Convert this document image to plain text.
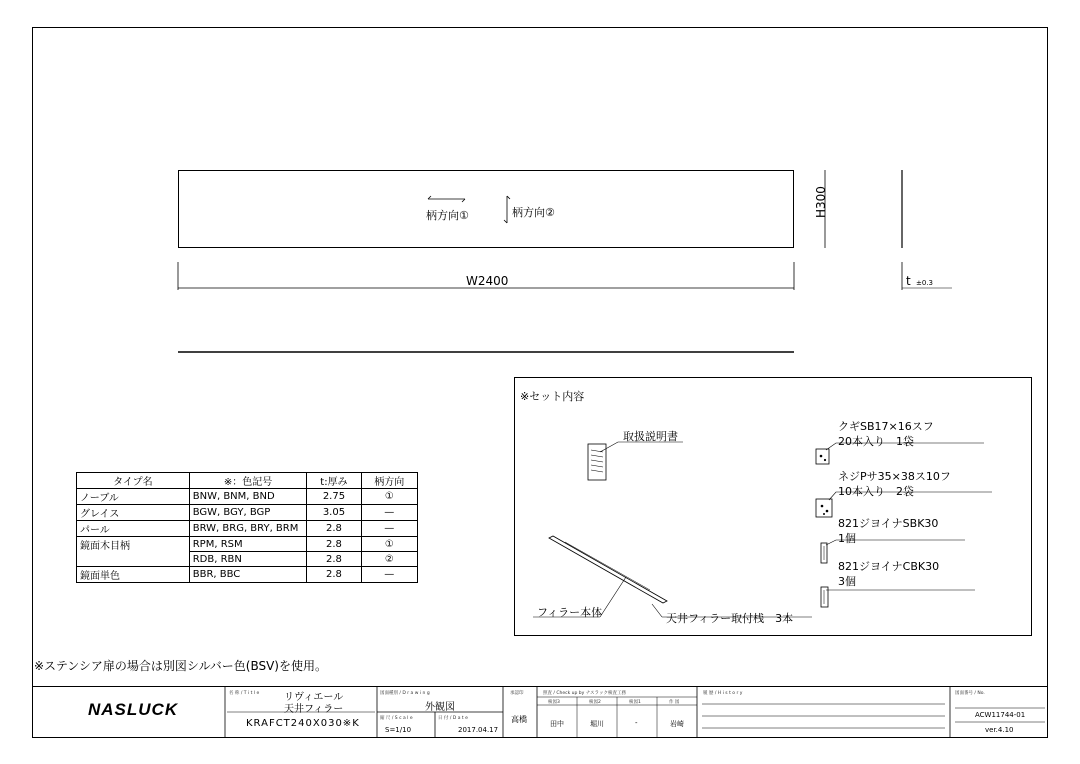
柄方向①	柄方向②	H300
W2400	t ±0.3
タイプ名	※：色記号	t:厚み	柄方向
ノーブル	BNW, BNM, BND	2.75	①
グレイス	BGW, BGY, BGP	3.05	—
パール	BRW, BRG, BRY, BRM	2.8	—
鏡面木目柄	RPM, RSM	2.8	①
	RDB, RBN	2.8	②
鏡面単色	BBR, BBC	2.8	—
※セット内容
取扱説明書
フィラー本体	天井フィラー取付桟　3本
クギSB17×16スフ
20本入り　1袋
ネジPサ35×38ス10フ
10本入り　2袋
821ジヨイナSBK30
1個
821ジヨイナCBK30
3個
※ステンシア扉の場合は別図シルバー色(BSV)を使用。
NASLUCK
名 称 / T i t l e リヴィエール
天井フィラー
KRAFCT240X030※K
図面種別 / D r a w i n g
外観図
縮 尺 / S c a l e
S=1/10
日 付 / D a t e
2017.04.17
承認印
高橋
照査 / Check up by ナスラック検査工務
検図3	検図2	検図1	作 図
田中	堀川	-	岩崎
履 歴 / H i s t o r y	図面番号 / No.
ACW11744-01
ver.4.10
